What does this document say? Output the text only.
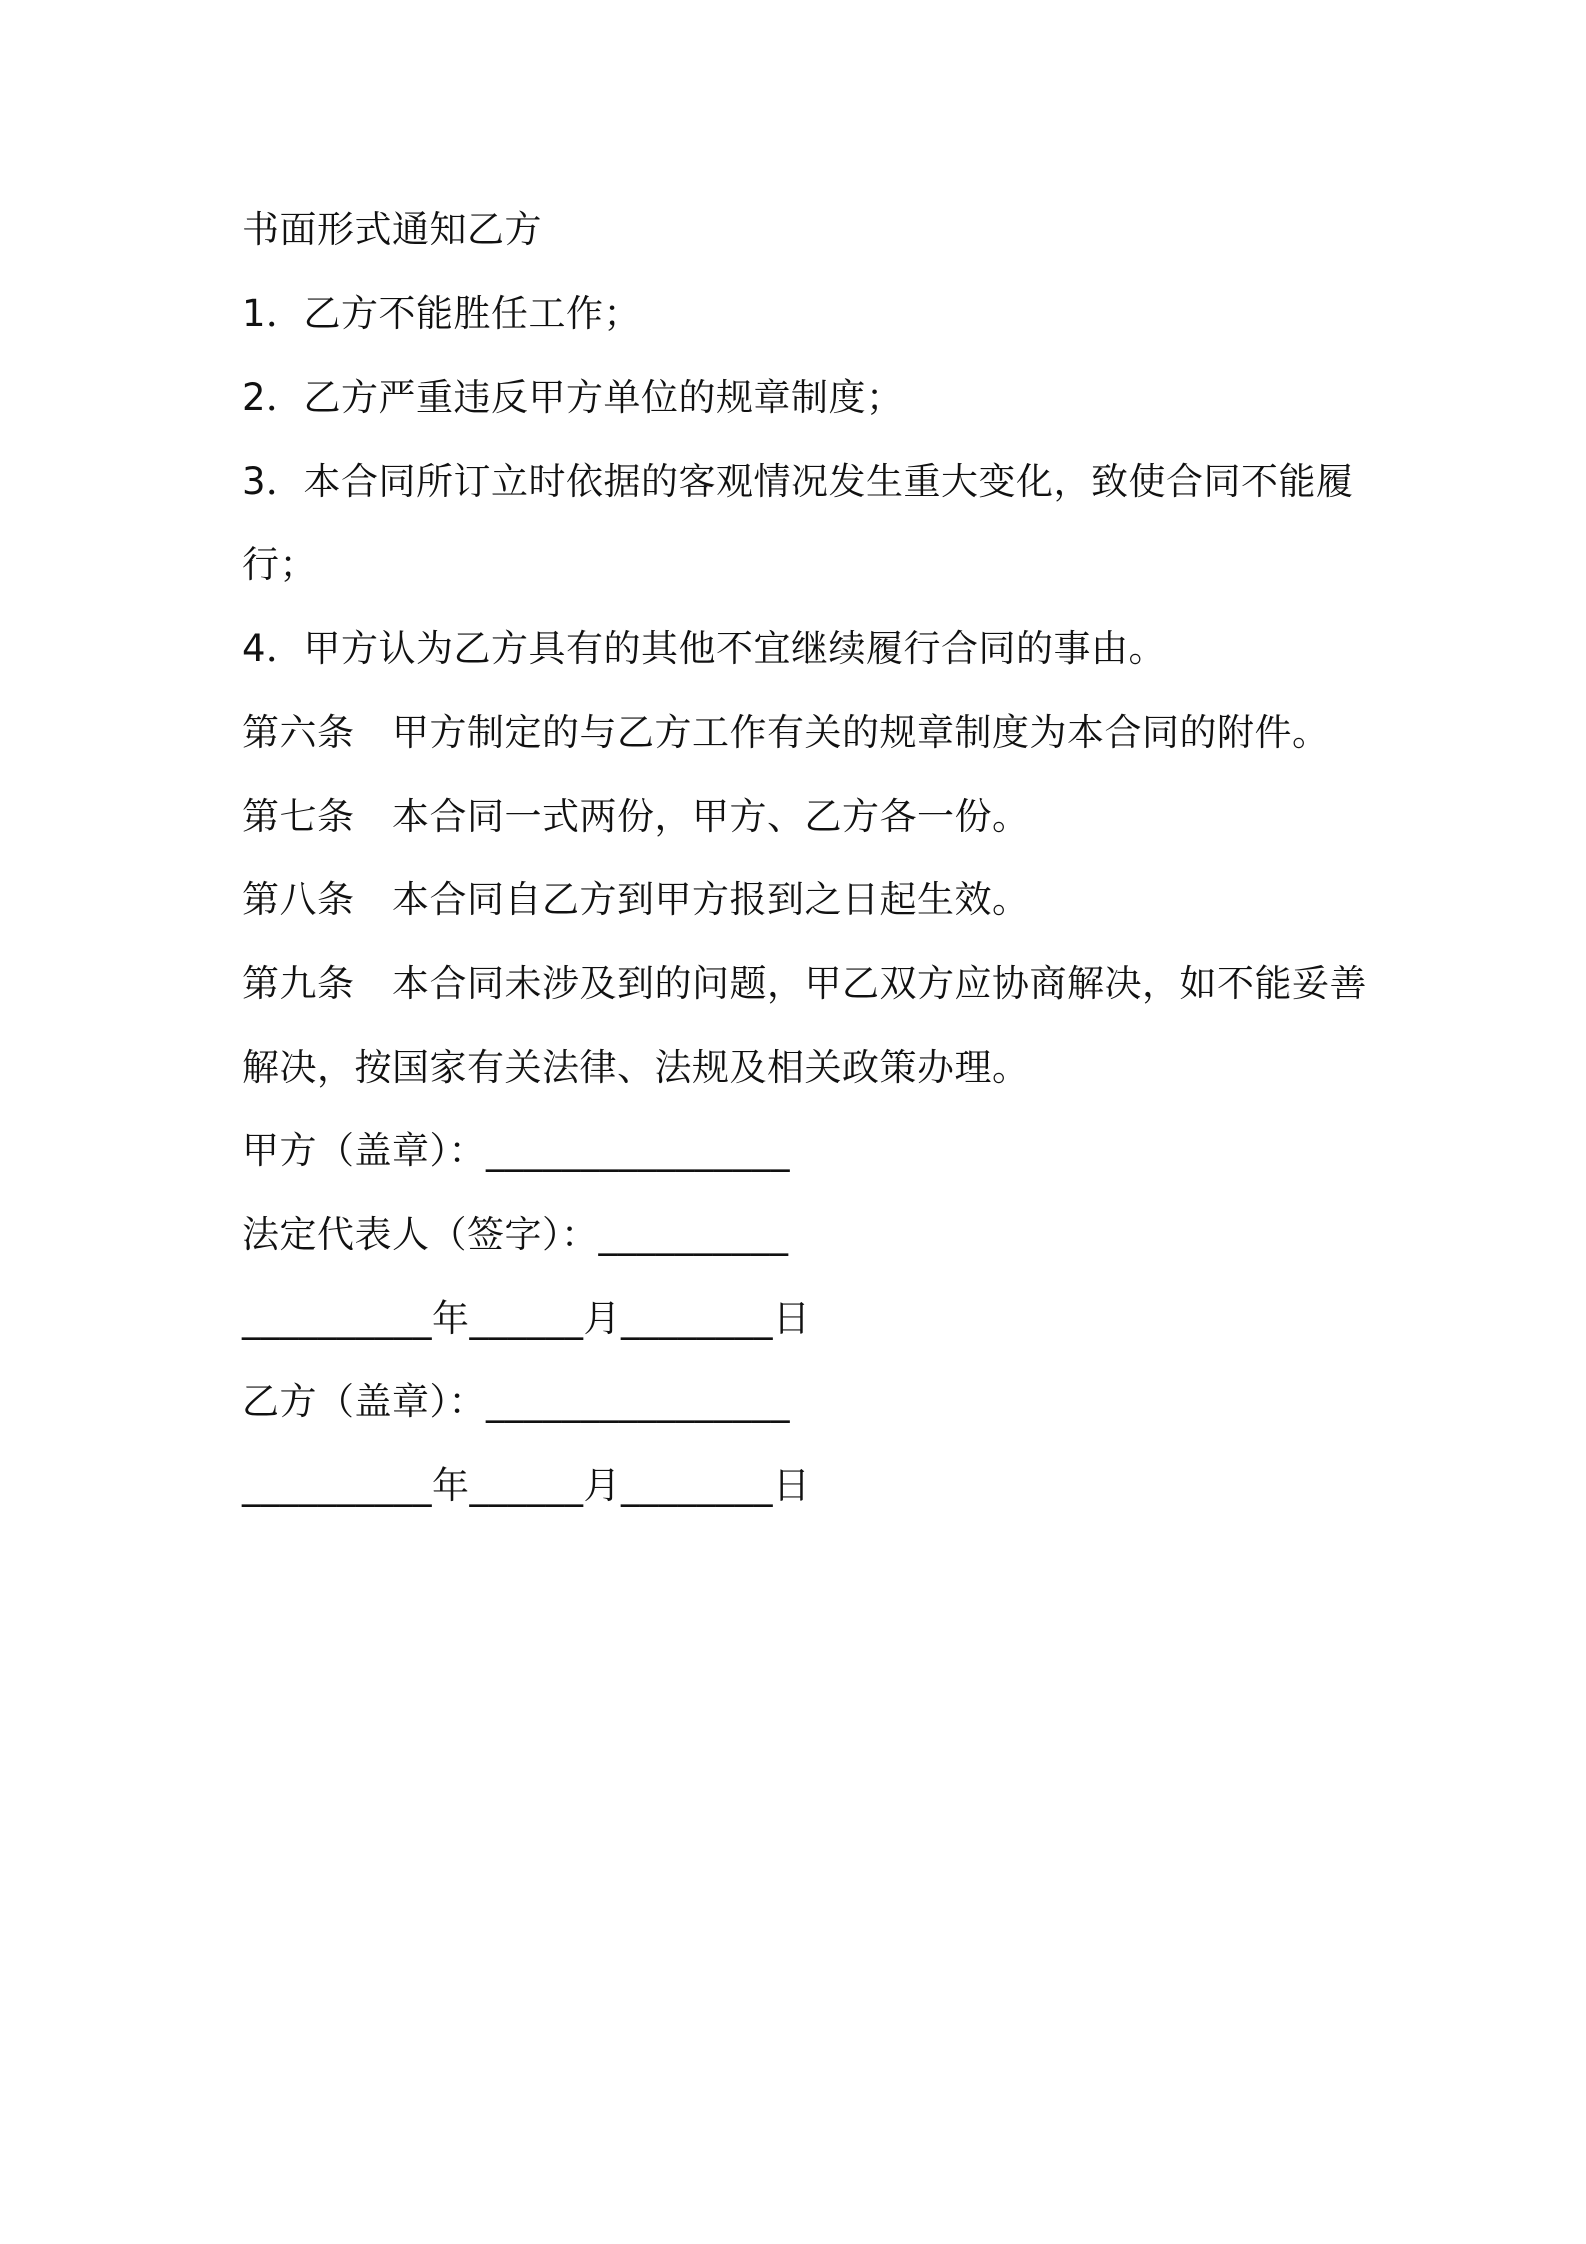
书面形式通知乙方
1．乙方不能胜任工作；
2．乙方严重违反甲方单位的规章制度；
3．本合同所订立时依据的客观情况发生重大变化，致使合同不能履
行；
4．甲方认为乙方具有的其他不宜继续履行合同的事由。
第六条 甲方制定的与乙方工作有关的规章制度为本合同的附件。
第七条 本合同一式两份，甲方、乙方各一份。
第八条 本合同自乙方到甲方报到之日起生效。
第九条 本合同未涉及到的问题，甲乙双方应协商解决，如不能妥善
解决，按国家有关法律、法规及相关政策办理。
甲方（盖章）：________________
法定代表人（签字）：__________
__________年______月________日
乙方（盖章）：________________
__________年______月________日
